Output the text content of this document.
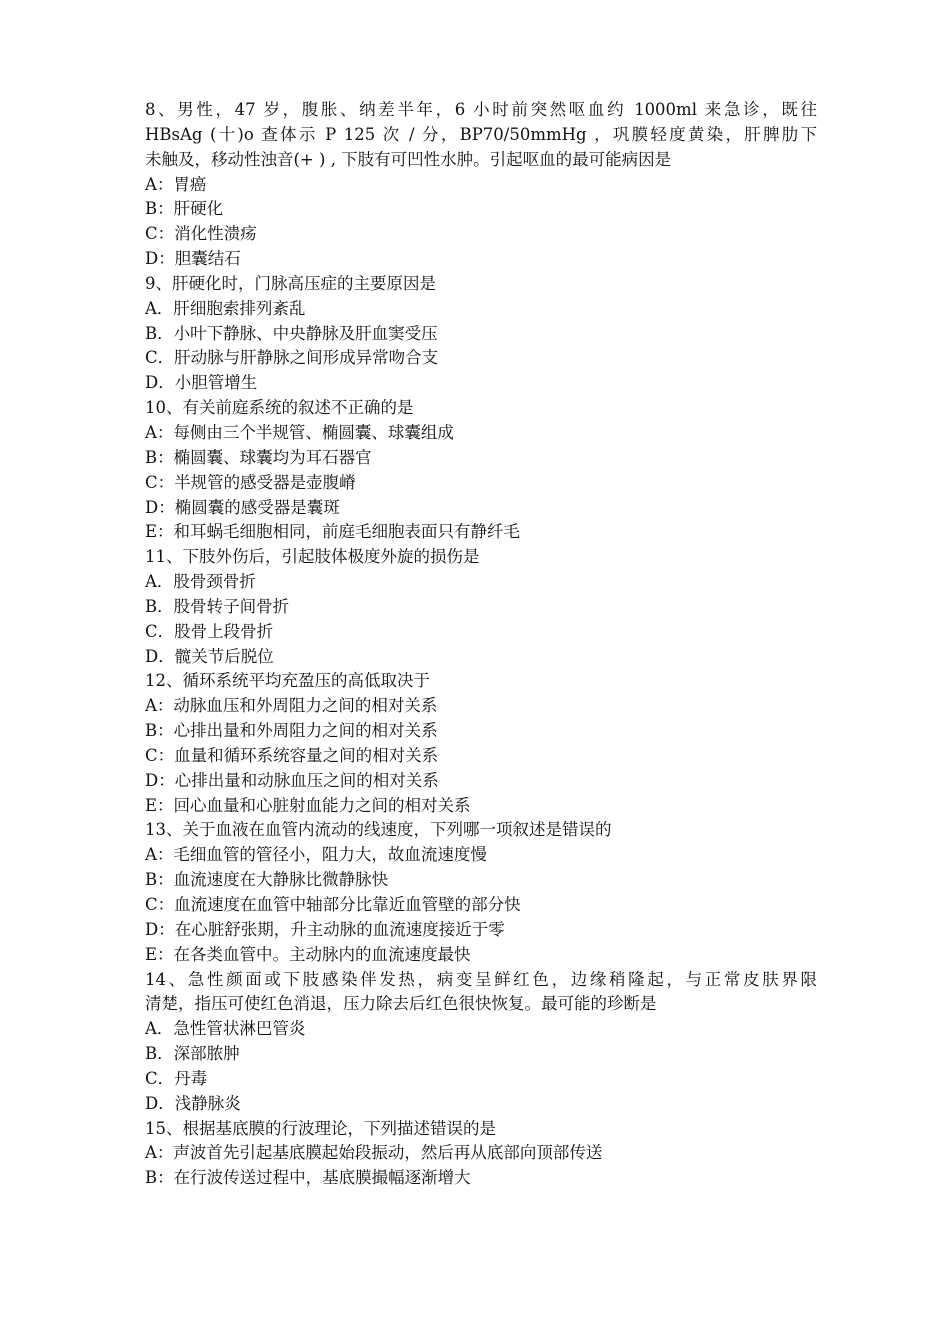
8、男性，47 岁，腹胀、纳差半年，6 小时前突然呕血约 1000ml 来急诊，既往
HBsAg (十)o 查体示 P 125 次 / 分，BP70/50mmHg ，巩膜轻度黄染，肝脾肋下
未触及，移动性浊音(+ ) , 下肢有可凹性水肿。引起呕血的最可能病因是
A：胃癌
B：肝硬化
C：消化性溃疡
D：胆囊结石
9、肝硬化时，门脉高压症的主要原因是
A．肝细胞索排列紊乱
B．小叶下静脉、中央静脉及肝血窦受压
C．肝动脉与肝静脉之间形成异常吻合支
D．小胆管增生
10、有关前庭系统的叙述不正确的是
A：每侧由三个半规管、椭圆囊、球囊组成
B：椭圆囊、球囊均为耳石器官
C：半规管的感受器是壶腹嵴
D：椭圆囊的感受器是囊斑
E：和耳蜗毛细胞相同，前庭毛细胞表面只有静纤毛
11、下肢外伤后，引起肢体极度外旋的损伤是
A．股骨颈骨折
B．股骨转子间骨折
C．股骨上段骨折
D．髋关节后脱位
12、循环系统平均充盈压的高低取决于
A：动脉血压和外周阻力之间的相对关系
B：心排出量和外周阻力之间的相对关系
C：血量和循环系统容量之间的相对关系
D：心排出量和动脉血压之间的相对关系
E：回心血量和心脏射血能力之间的相对关系
13、关于血液在血管内流动的线速度，下列哪一项叙述是错误的
A：毛细血管的管径小，阻力大，故血流速度慢
B：血流速度在大静脉比微静脉快
C：血流速度在血管中轴部分比靠近血管壁的部分快
D：在心脏舒张期，升主动脉的血流速度接近于零
E：在各类血管中。主动脉内的血流速度最快
14、急性颜面或下肢感染伴发热，病变呈鲜红色，边缘稍隆起，与正常皮肤界限
清楚，指压可使红色消退，压力除去后红色很快恢复。最可能的珍断是
A．急性管状淋巴管炎
B．深部脓肿
C．丹毒
D．浅静脉炎
15、根据基底膜的行波理论，下列描述错误的是
A：声波首先引起基底膜起始段振动，然后再从底部向顶部传送
B：在行波传送过程中，基底膜撮幅逐渐增大
